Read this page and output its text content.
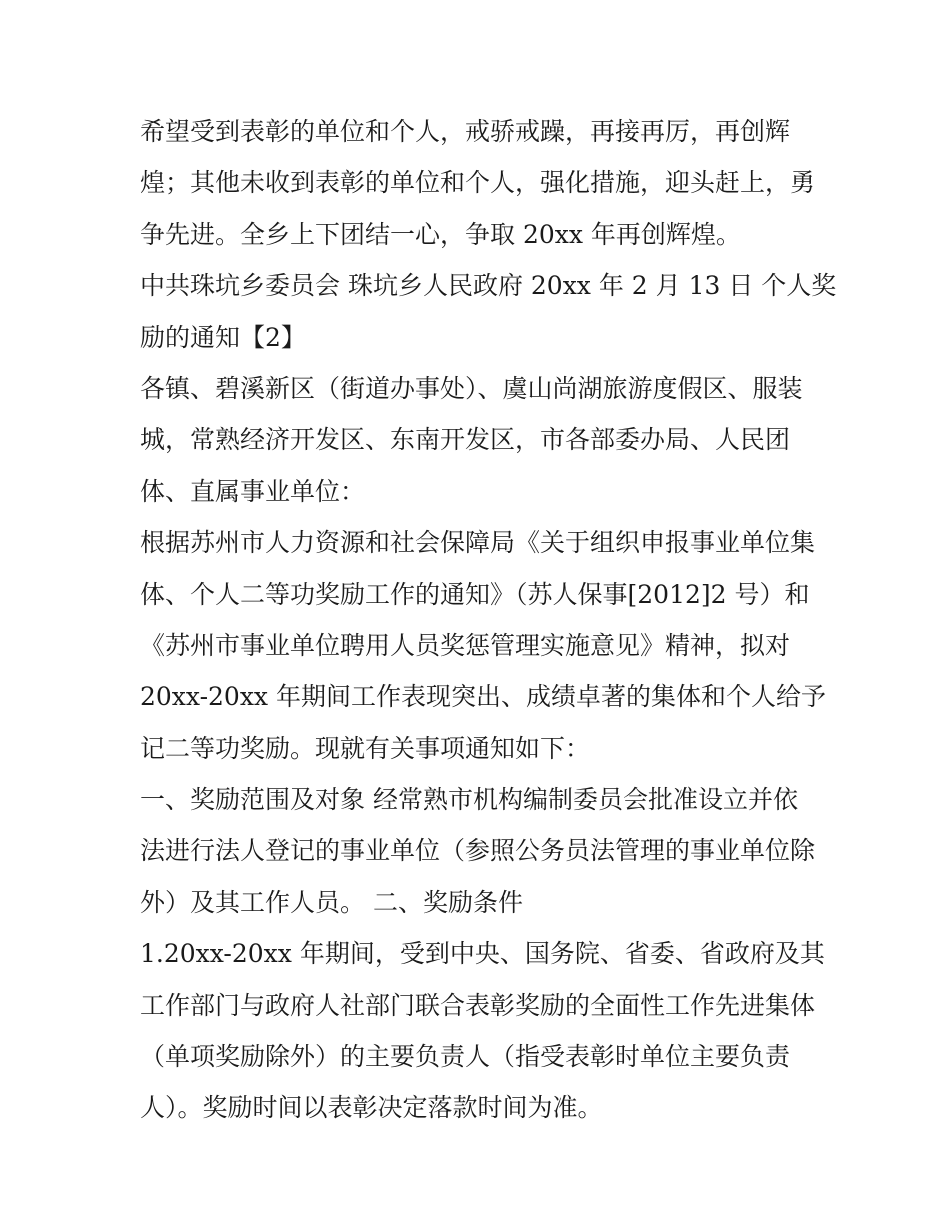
希望受到表彰的单位和个人，戒骄戒躁，再接再厉，再创辉
煌；其他未收到表彰的单位和个人，强化措施，迎头赶上，勇
争先进。全乡上下团结一心，争取 20xx 年再创辉煌。
中共珠坑乡委员会 珠坑乡人民政府 20xx 年 2 月 13 日 个人奖
励的通知【2】
各镇、碧溪新区（街道办事处）、虞山尚湖旅游度假区、服装
城，常熟经济开发区、东南开发区，市各部委办局、人民团
体、直属事业单位：
根据苏州市人力资源和社会保障局《关于组织申报事业单位集
体、个人二等功奖励工作的通知》（苏人保事[2012]2 号）和
《苏州市事业单位聘用人员奖惩管理实施意见》精神，拟对
20xx-20xx 年期间工作表现突出、成绩卓著的集体和个人给予
记二等功奖励。现就有关事项通知如下：
一、奖励范围及对象 经常熟市机构编制委员会批准设立并依
法进行法人登记的事业单位（参照公务员法管理的事业单位除
外）及其工作人员。 二、奖励条件
1.20xx-20xx 年期间，受到中央、国务院、省委、省政府及其
工作部门与政府人社部门联合表彰奖励的全面性工作先进集体
（单项奖励除外）的主要负责人（指受表彰时单位主要负责
人）。奖励时间以表彰决定落款时间为准。
